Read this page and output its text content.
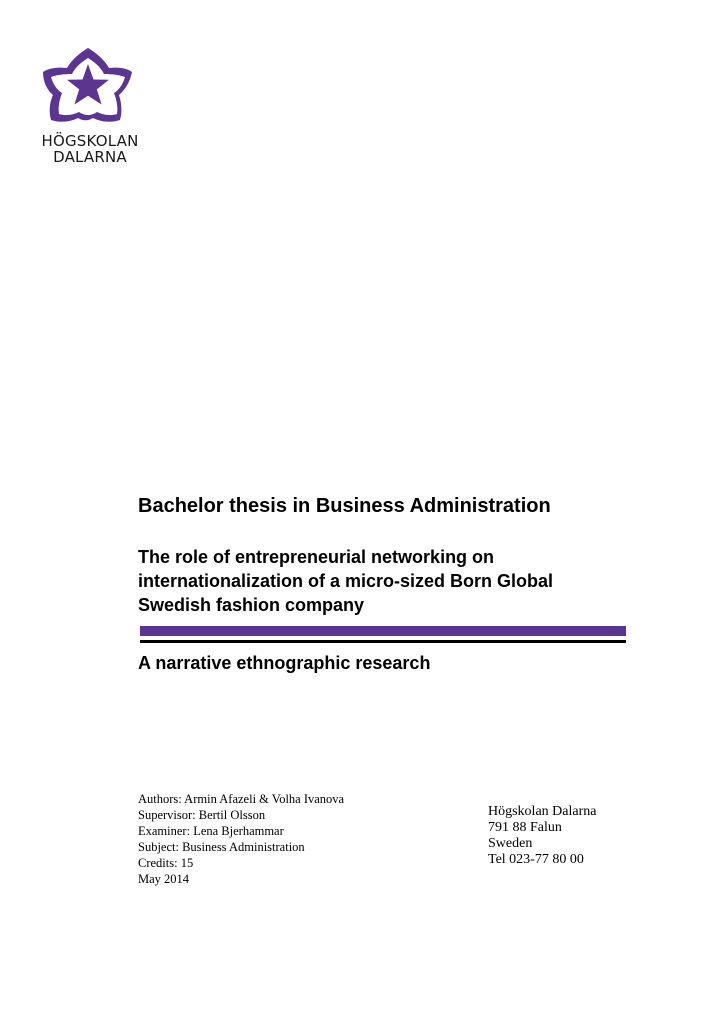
HÖGSKOLAN
DALARNA
Bachelor thesis in Business Administration
The role of entrepreneurial networking on
internationalization of a micro-sized Born Global
Swedish fashion company
A narrative ethnographic research
Authors: Armin Afazeli & Volha Ivanova
Supervisor: Bertil Olsson
Examiner: Lena Bjerhammar
Subject: Business Administration
Credits: 15
May 2014
Högskolan Dalarna
791 88 Falun
Sweden
Tel 023-77 80 00
